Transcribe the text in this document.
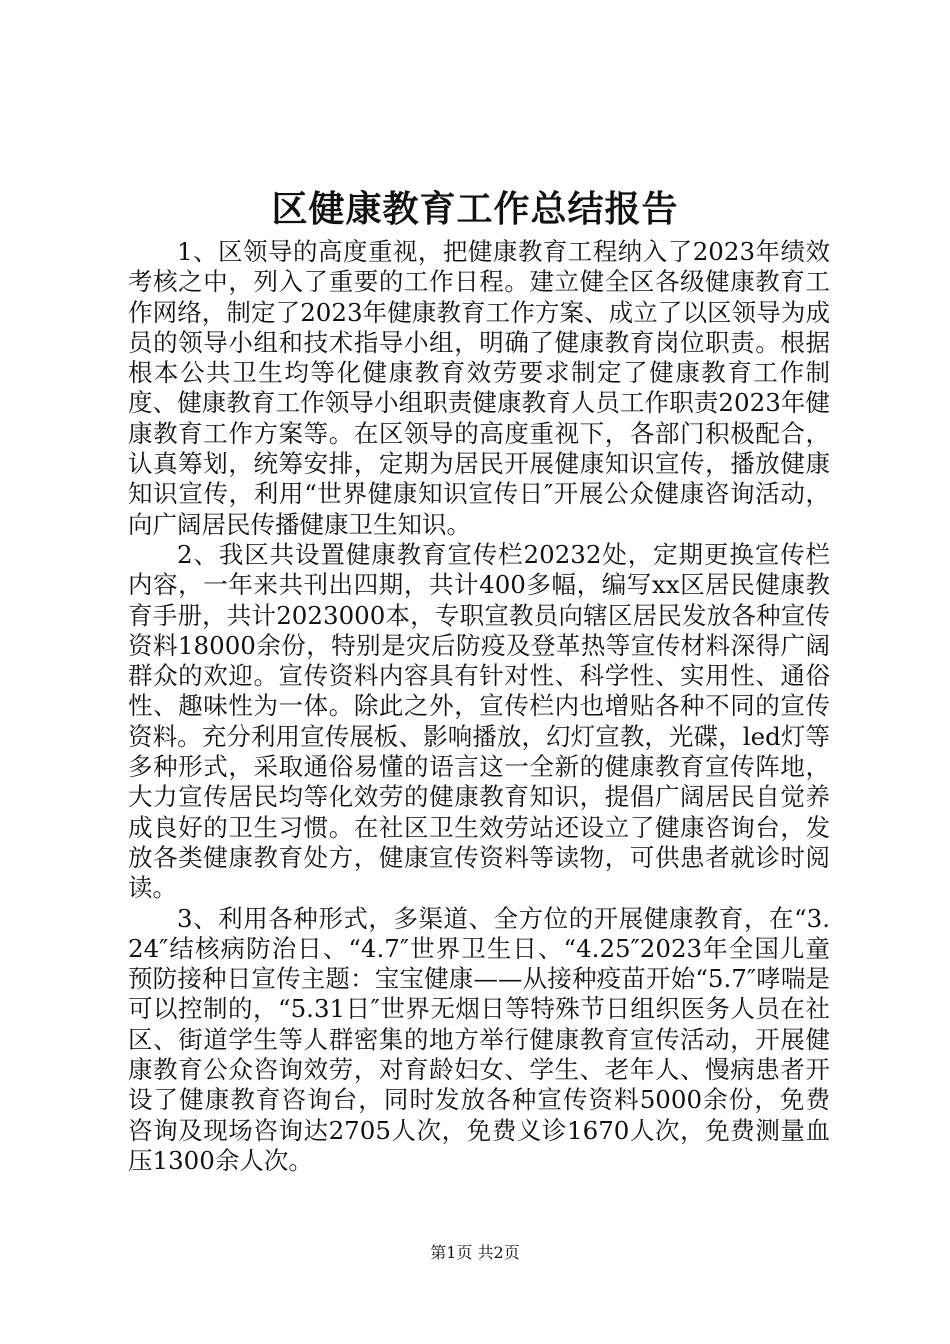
区健康教育工作总结报告

1、区领导的高度重视，把健康教育工程纳入了2023年绩效考核之中，列入了重要的工作日程。建立健全区各级健康教育工作网络，制定了2023年健康教育工作方案、成立了以区领导为成员的领导小组和技术指导小组，明确了健康教育岗位职责。根据根本公共卫生均等化健康教育效劳要求制定了健康教育工作制度、健康教育工作领导小组职责健康教育人员工作职责2023年健康教育工作方案等。在区领导的高度重视下，各部门积极配合，认真筹划，统筹安排，定期为居民开展健康知识宣传，播放健康知识宣传，利用“世界健康知识宣传日″开展公众健康咨询活动，向广阔居民传播健康卫生知识。

2、我区共设置健康教育宣传栏20232处，定期更换宣传栏内容，一年来共刊出四期，共计400多幅，编写xx区居民健康教育手册，共计2023000本，专职宣教员向辖区居民发放各种宣传资料18000余份，特别是灾后防疫及登革热等宣传材料深得广阔群众的欢迎。宣传资料内容具有针对性、科学性、实用性、通俗性、趣味性为一体。除此之外，宣传栏内也增贴各种不同的宣传资料。充分利用宣传展板、影响播放，幻灯宣教，光碟，led灯等多种形式，采取通俗易懂的语言这一全新的健康教育宣传阵地，大力宣传居民均等化效劳的健康教育知识，提倡广阔居民自觉养成良好的卫生习惯。在社区卫生效劳站还设立了健康咨询台，发放各类健康教育处方，健康宣传资料等读物，可供患者就诊时阅读。

3、利用各种形式，多渠道、全方位的开展健康教育，在“3.24″结核病防治日、“4.7″世界卫生日、“4.25″2023年全国儿童预防接种日宣传主题：宝宝健康——从接种疫苗开始“5.7″哮喘是可以控制的，“5.31日″世界无烟日等特殊节日组织医务人员在社区、街道学生等人群密集的地方举行健康教育宣传活动，开展健康教育公众咨询效劳，对育龄妇女、学生、老年人、慢病患者开设了健康教育咨询台，同时发放各种宣传资料5000余份，免费　　咨询及现场咨询达2705人次，免费义诊1670人次，免费测量血压1300余人次。

第1页 共2页
